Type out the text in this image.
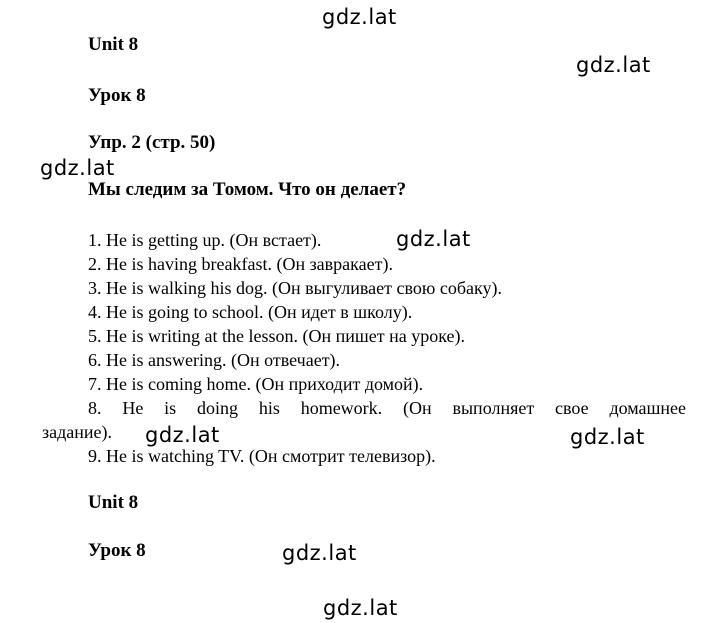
gdz.lat
gdz.lat
gdz.lat
gdz.lat
gdz.lat	gdz.lat
gdz.lat
gdz.lat
Unit 8
Урок 8
Упр. 2 (стр. 50)
Мы следим за Томом. Что он делает?
1. He is getting up. (Он встает).
2. He is having breakfast. (Он завракает).
3. He is walking his dog. (Он выгуливает свою собаку).
4. He is going to school. (Он идет в школу).
5. He is writing at the lesson. (Он пишет на уроке).
6. He is answering. (Он отвечает).
7. He is coming home. (Он приходит домой).
8. He is doing his homework. (Он выполняет свое домашнее
задание).
9. He is watching TV. (Он смотрит телевизор).
Unit 8
Урок 8
